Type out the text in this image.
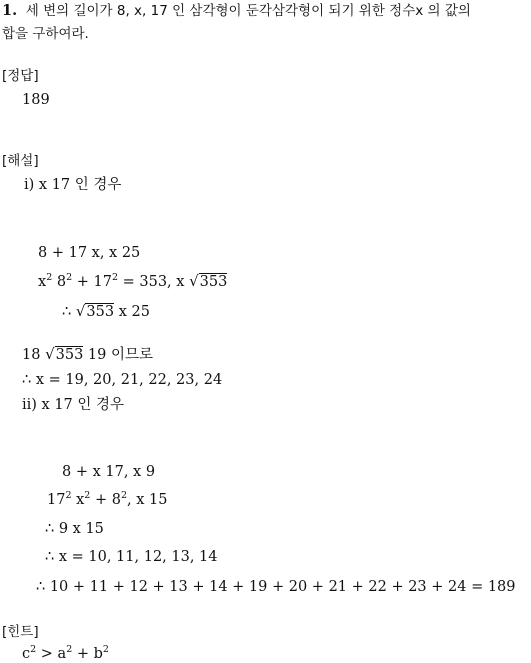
1. 세 변의 길이가 8, x, 17 인 삼각형이 둔각삼각형이 되기 위한 정수x 의 값의
합을 구하여라.
[정답]
189
[해설]
ⅰ) x 17 인 경우
8 + 17 x, x 25
$x^2$ $8^2 + 17^2 = 353$, x √353
∴ √353 x 25
18 √353 19 이므로
∴ x = 19, 20, 21, 22, 23, 24
ⅱ) x 17 인 경우
8 + x 17, x 9
$17^2$ $x^2 + 8^2$, x 15
∴ 9 x 15
∴ x = 10, 11, 12, 13, 14
∴ 10 + 11 + 12 + 13 + 14 + 19 + 20 + 21 + 22 + 23 + 24 = 189
[힌트]
$c^2 > a^2 + b^2$
